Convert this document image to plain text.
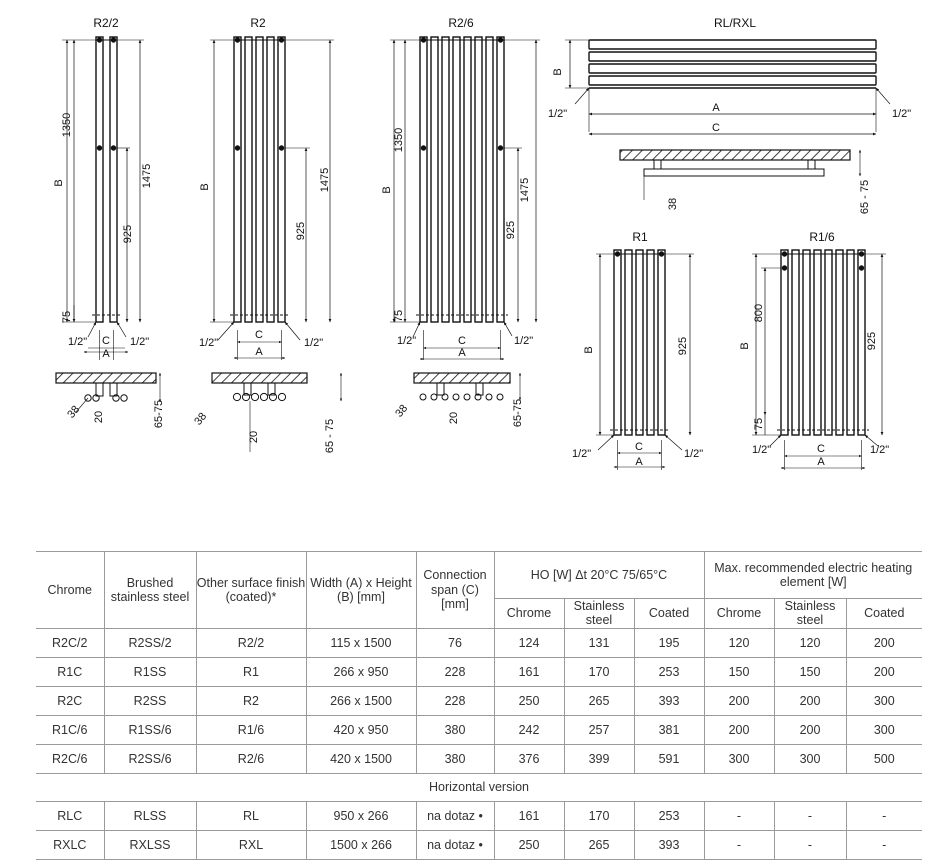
R2/2
B
1350
75
1475
925
C
A
1/2"	1/2"
38 20	65-75
R2
B	1475
925
C
A
1/2"	1/2"
38
20	65 - 75
R2/6
B
1350
75
1475
925
C
A
1/2"	1/2"
38	20	65-75
RL/RXL
B
A
C
1/2"	1/2"
38	65 - 75
R1
B	925
C
A
1/2"	1/2"
R1/6
B
800
75
925
C
A
1/2"	1/2"
Chrome	Brushed stainless steel	Other surface finish (coated)*	Width (A) x Height (B) [mm]	Connection span (C) [mm]	HO [W] Δt 20°C 75/65°C			Max. recommended electric heating element [W]		
					Chrome	Stainless steel	Coated	Chrome	Stainless steel	Coated
R2C/2	R2SS/2	R2/2	115 x 1500	76	124	131	195	120	120	200
R1C	R1SS	R1	266 x 950	228	161	170	253	150	150	200
R2C	R2SS	R2	266 x 1500	228	250	265	393	200	200	300
R1C/6	R1SS/6	R1/6	420 x 950	380	242	257	381	200	200	300
R2C/6	R2SS/6	R2/6	420 x 1500	380	376	399	591	300	300	500
Horizontal version										
RLC	RLSS	RL	950 x 266	na dotaz •	161	170	253	-	-	-
RXLC	RXLSS	RXL	1500 x 266	na dotaz •	250	265	393	-	-	-
